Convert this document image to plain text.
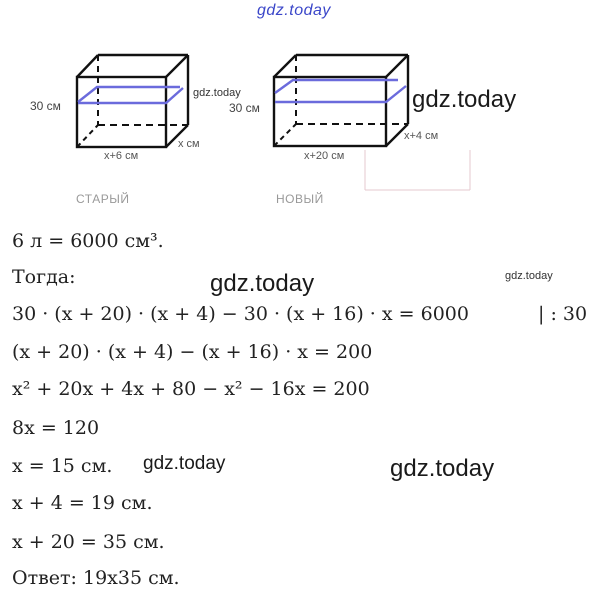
gdz.today
30 см
x+6 см
x см
СТАРЫЙ
gdz.today
30 см
x+20 см
x+4 см
НОВЫЙ
gdz.today
6 л = 6000 см³.
Тогда:	gdz.today	gdz.today
30 · (x + 20) · (x + 4) − 30 · (x + 16) · x = 6000	| : 30
(x + 20) · (x + 4) − (x + 16) · x = 200
x² + 20x + 4x + 80 − x² − 16x = 200
8x = 120
x = 15 см. gdz.today	gdz.today
x + 4 = 19 см.
x + 20 = 35 см.
Ответ: 19x35 см.
